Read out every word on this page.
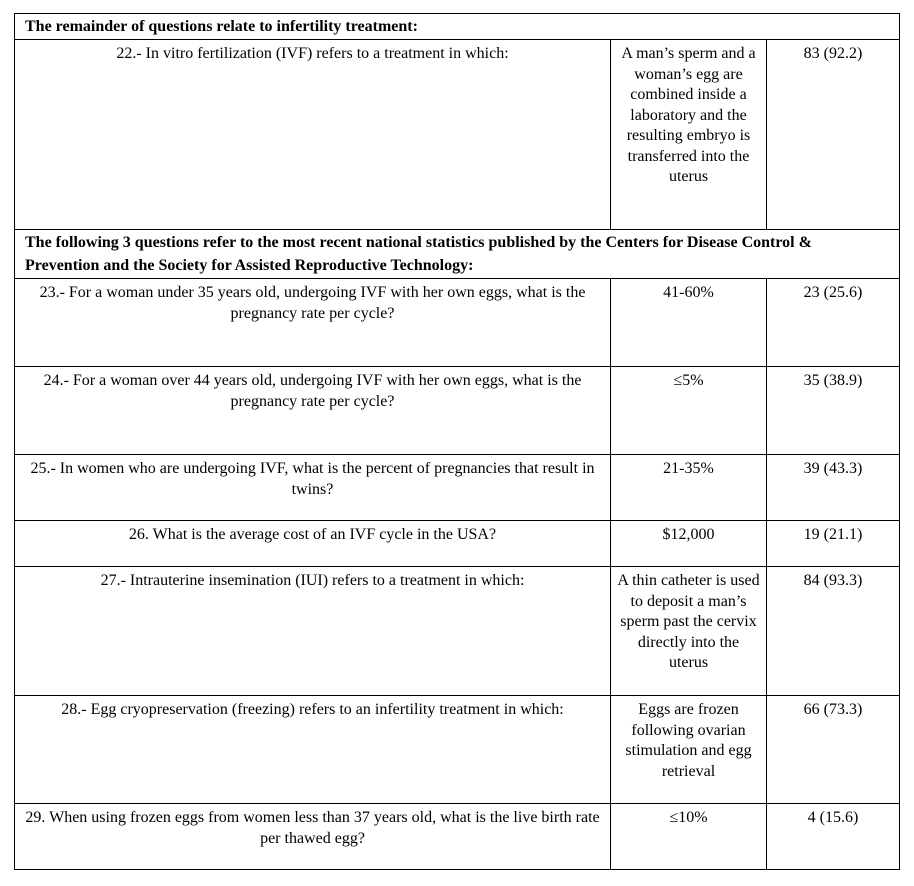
The remainder of questions relate to infertility treatment:		
22.- In vitro fertilization (IVF) refers to a treatment in which:	A man’s sperm and a woman’s egg are combined inside a laboratory and the resulting embryo is transferred into the uterus	83 (92.2)
The following 3 questions refer to the most recent national statistics published by the Centers for Disease Control & Prevention and the Society for Assisted Reproductive Technology:		
23.- For a woman under 35 years old, undergoing IVF with her own eggs, what is the pregnancy rate per cycle?	41-60%	23 (25.6)
24.- For a woman over 44 years old, undergoing IVF with her own eggs, what is the pregnancy rate per cycle?	≤5%	35 (38.9)
25.- In women who are undergoing IVF, what is the percent of pregnancies that result in twins?	21-35%	39 (43.3)
26. What is the average cost of an IVF cycle in the USA?	$12,000	19 (21.1)
27.- Intrauterine insemination (IUI) refers to a treatment in which:	A thin catheter is used to deposit a man’s sperm past the cervix directly into the uterus	84 (93.3)
28.- Egg cryopreservation (freezing) refers to an infertility treatment in which:	Eggs are frozen following ovarian stimulation and egg retrieval	66 (73.3)
29. When using frozen eggs from women less than 37 years old, what is the live birth rate per thawed egg?	≤10%	4 (15.6)
